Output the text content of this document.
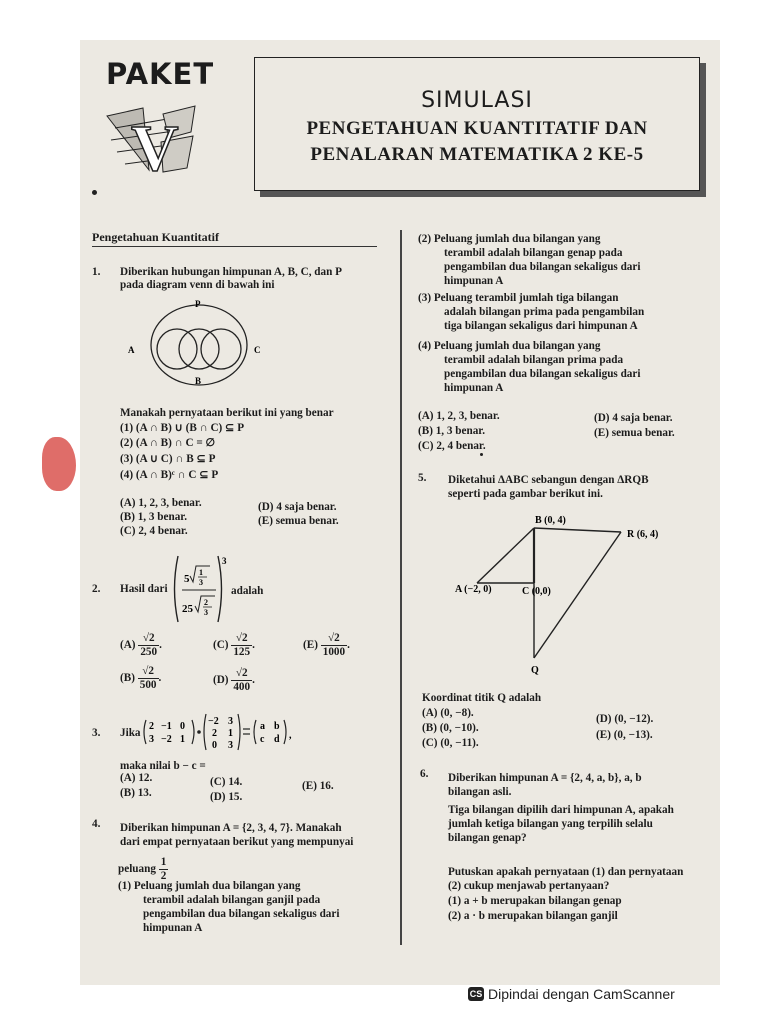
PAKET
V
SIMULASI
PENGETAHUAN KUANTITATIF DAN
PENALARAN MATEMATIKA 2 KE-5
Pengetahuan Kuantitatif
1. Diberikan hubungan himpunan A, B, C, dan P
pada diagram venn di bawah ini
P
A	C
B
Manakah pernyataan berikut ini yang benar
(1) (A ∩ B) ∪ (B ∩ C) ⊆ P
(2) (A ∩ B) ∩ C = ∅
(3) (A ∪ C) ∩ B ⊆ P
(4) (A ∩ B)ᶜ ∩ C ⊆ P
(A) 1, 2, 3, benar.
(B) 1, 3 benar.
(C) 2, 4 benar.
(D) 4 saja benar.
(E) semua benar.
2. Hasil dari
3
5
1
3
25
2
3
adalah
$(A) \frac{√2}{250}$ .
$(B) \frac{√2}{500}$ .
$(C) \frac{√2}{125}$ .
$(D) \frac{√2}{400}$ .
$(E) \frac{√2}{1000}$ .
3. Jika
2 −1 0
3 −2 1
−2 3
2 1
0 3
a b
c d ,
maka nilai b − c =
(A) 12.
(B) 13.
(C) 14.
(D) 15.
(E) 16.
4. Diberikan himpunan A = {2, 3, 4, 7}. Manakah
dari empat pernyataan berikut yang mempunyai
peluang $\frac{1}{2}$
(1) Peluang jumlah dua bilangan yang
terambil adalah bilangan ganjil pada
pengambilan dua bilangan sekaligus dari
himpunan A
(2) Peluang jumlah dua bilangan yang
terambil adalah bilangan genap pada
pengambilan dua bilangan sekaligus dari
himpunan A
(3) Peluang terambil jumlah tiga bilangan
adalah bilangan prima pada pengambilan
tiga bilangan sekaligus dari himpunan A
(4) Peluang jumlah dua bilangan yang
terambil adalah bilangan prima pada
pengambilan dua bilangan sekaligus dari
himpunan A
(A) 1, 2, 3, benar.
(B) 1, 3 benar.
(C) 2, 4 benar.
(D) 4 saja benar.
(E) semua benar.
5. Diketahui ΔABC sebangun dengan ΔRQB
seperti pada gambar berikut ini.
B (0, 4)
R (6, 4)
A (−2, 0)	C (0,0)
Q
Koordinat titik Q adalah
(A) (0, −8).
(B) (0, −10).
(C) (0, −11).
(D) (0, −12).
(E) (0, −13).
6. Diberikan himpunan A = {2, 4, a, b}, a, b
bilangan asli.
Tiga bilangan dipilih dari himpunan A, apakah
jumlah ketiga bilangan yang terpilih selalu
bilangan genap?
Putuskan apakah pernyataan (1) dan pernyataan
(2) cukup menjawab pertanyaan?
(1) a + b merupakan bilangan genap
(2) a · b merupakan bilangan ganjil
CS Dipindai dengan CamScanner
